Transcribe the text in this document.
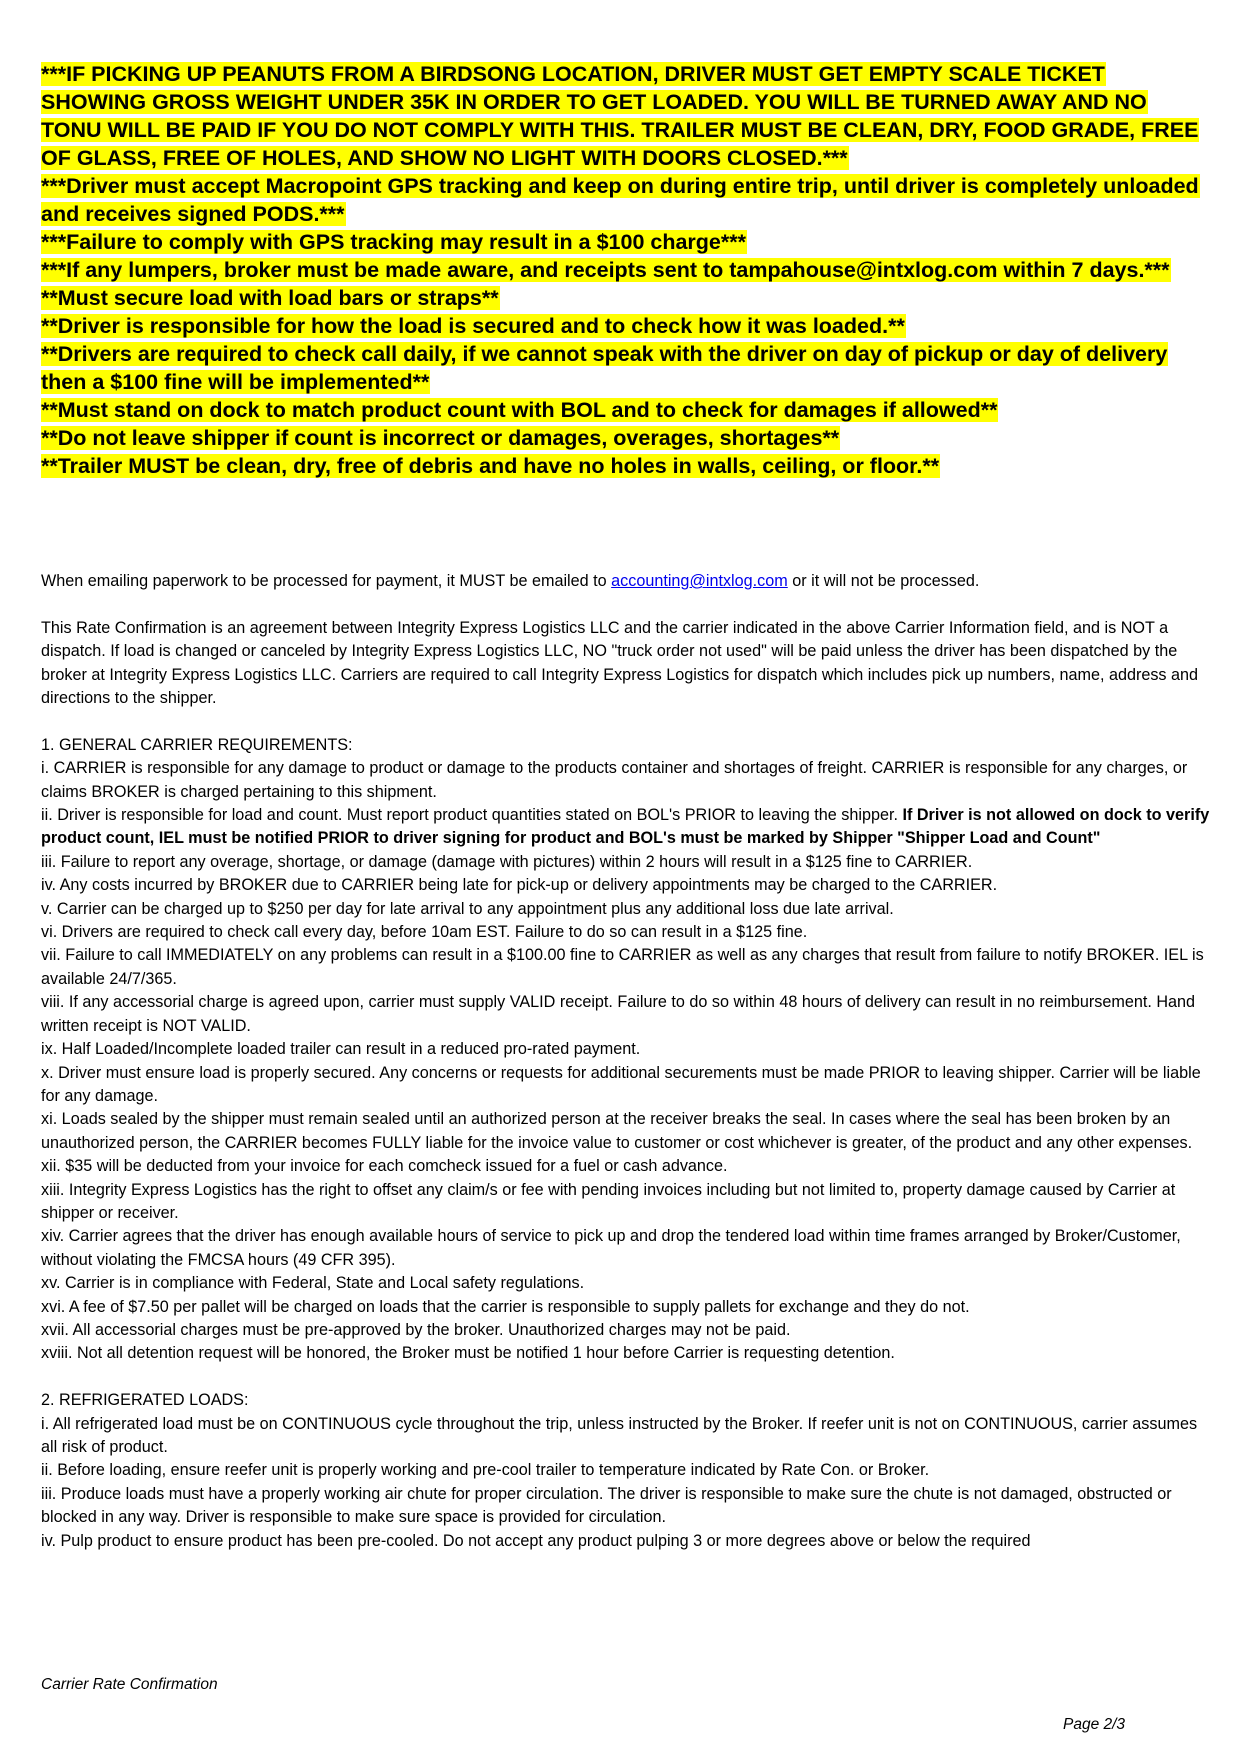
***IF PICKING UP PEANUTS FROM A BIRDSONG LOCATION, DRIVER MUST GET EMPTY SCALE TICKET SHOWING GROSS WEIGHT UNDER 35K IN ORDER TO GET LOADED. YOU WILL BE TURNED AWAY AND NO TONU WILL BE PAID IF YOU DO NOT COMPLY WITH THIS. TRAILER MUST BE CLEAN, DRY, FOOD GRADE, FREE OF GLASS, FREE OF HOLES, AND SHOW NO LIGHT WITH DOORS CLOSED.***

***Driver must accept Macropoint GPS tracking and keep on during entire trip, until driver is completely unloaded and receives signed PODS.***

***Failure to comply with GPS tracking may result in a $100 charge***

***If any lumpers, broker must be made aware, and receipts sent to tampahouse@intxlog.com within 7 days.***

**Must secure load with load bars or straps**

**Driver is responsible for how the load is secured and to check how it was loaded.**

**Drivers are required to check call daily, if we cannot speak with the driver on day of pickup or day of delivery then a $100 fine will be implemented**

**Must stand on dock to match product count with BOL and to check for damages if allowed**

**Do not leave shipper if count is incorrect or damages, overages, shortages**

**Trailer MUST be clean, dry, free of debris and have no holes in walls, ceiling, or floor.**

When emailing paperwork to be processed for payment, it MUST be emailed to accounting@intxlog.com or it will not be processed.

This Rate Confirmation is an agreement between Integrity Express Logistics LLC and the carrier indicated in the above Carrier Information field, and is NOT a dispatch. If load is changed or canceled by Integrity Express Logistics LLC, NO "truck order not used" will be paid unless the driver has been dispatched by the broker at Integrity Express Logistics LLC. Carriers are required to call Integrity Express Logistics for dispatch which includes pick up numbers, name, address and directions to the shipper.

1. GENERAL CARRIER REQUIREMENTS:

i. CARRIER is responsible for any damage to product or damage to the products container and shortages of freight. CARRIER is responsible for any charges, or claims BROKER is charged pertaining to this shipment.

ii. Driver is responsible for load and count. Must report product quantities stated on BOL's PRIOR to leaving the shipper. If Driver is not allowed on dock to verify product count, IEL must be notified PRIOR to driver signing for product and BOL's must be marked by Shipper "Shipper Load and Count"

iii. Failure to report any overage, shortage, or damage (damage with pictures) within 2 hours will result in a $125 fine to CARRIER.

iv. Any costs incurred by BROKER due to CARRIER being late for pick-up or delivery appointments may be charged to the CARRIER.

v. Carrier can be charged up to $250 per day for late arrival to any appointment plus any additional loss due late arrival.

vi. Drivers are required to check call every day, before 10am EST. Failure to do so can result in a $125 fine.

vii. Failure to call IMMEDIATELY on any problems can result in a $100.00 fine to CARRIER as well as any charges that result from failure to notify BROKER. IEL is available 24/7/365.

viii. If any accessorial charge is agreed upon, carrier must supply VALID receipt. Failure to do so within 48 hours of delivery can result in no reimbursement. Hand written receipt is NOT VALID.

ix. Half Loaded/Incomplete loaded trailer can result in a reduced pro-rated payment.

x. Driver must ensure load is properly secured. Any concerns or requests for additional securements must be made PRIOR to leaving shipper. Carrier will be liable for any damage.

xi. Loads sealed by the shipper must remain sealed until an authorized person at the receiver breaks the seal. In cases where the seal has been broken by an unauthorized person, the CARRIER becomes FULLY liable for the invoice value to customer or cost whichever is greater, of the product and any other expenses.

xii. $35 will be deducted from your invoice for each comcheck issued for a fuel or cash advance.

xiii. Integrity Express Logistics has the right to offset any claim/s or fee with pending invoices including but not limited to, property damage caused by Carrier at shipper or receiver.

xiv. Carrier agrees that the driver has enough available hours of service to pick up and drop the tendered load within time frames arranged by Broker/Customer, without violating the FMCSA hours (49 CFR 395).

xv. Carrier is in compliance with Federal, State and Local safety regulations.

xvi. A fee of $7.50 per pallet will be charged on loads that the carrier is responsible to supply pallets for exchange and they do not.

xvii. All accessorial charges must be pre-approved by the broker. Unauthorized charges may not be paid.

xviii. Not all detention request will be honored, the Broker must be notified 1 hour before Carrier is requesting detention.

2. REFRIGERATED LOADS:

i. All refrigerated load must be on CONTINUOUS cycle throughout the trip, unless instructed by the Broker. If reefer unit is not on CONTINUOUS, carrier assumes all risk of product.

ii. Before loading, ensure reefer unit is properly working and pre-cool trailer to temperature indicated by Rate Con. or Broker.

iii. Produce loads must have a properly working air chute for proper circulation. The driver is responsible to make sure the chute is not damaged, obstructed or blocked in any way. Driver is responsible to make sure space is provided for circulation.

iv. Pulp product to ensure product has been pre-cooled. Do not accept any product pulping 3 or more degrees above or below the required

Carrier Rate Confirmation
Page 2/3
